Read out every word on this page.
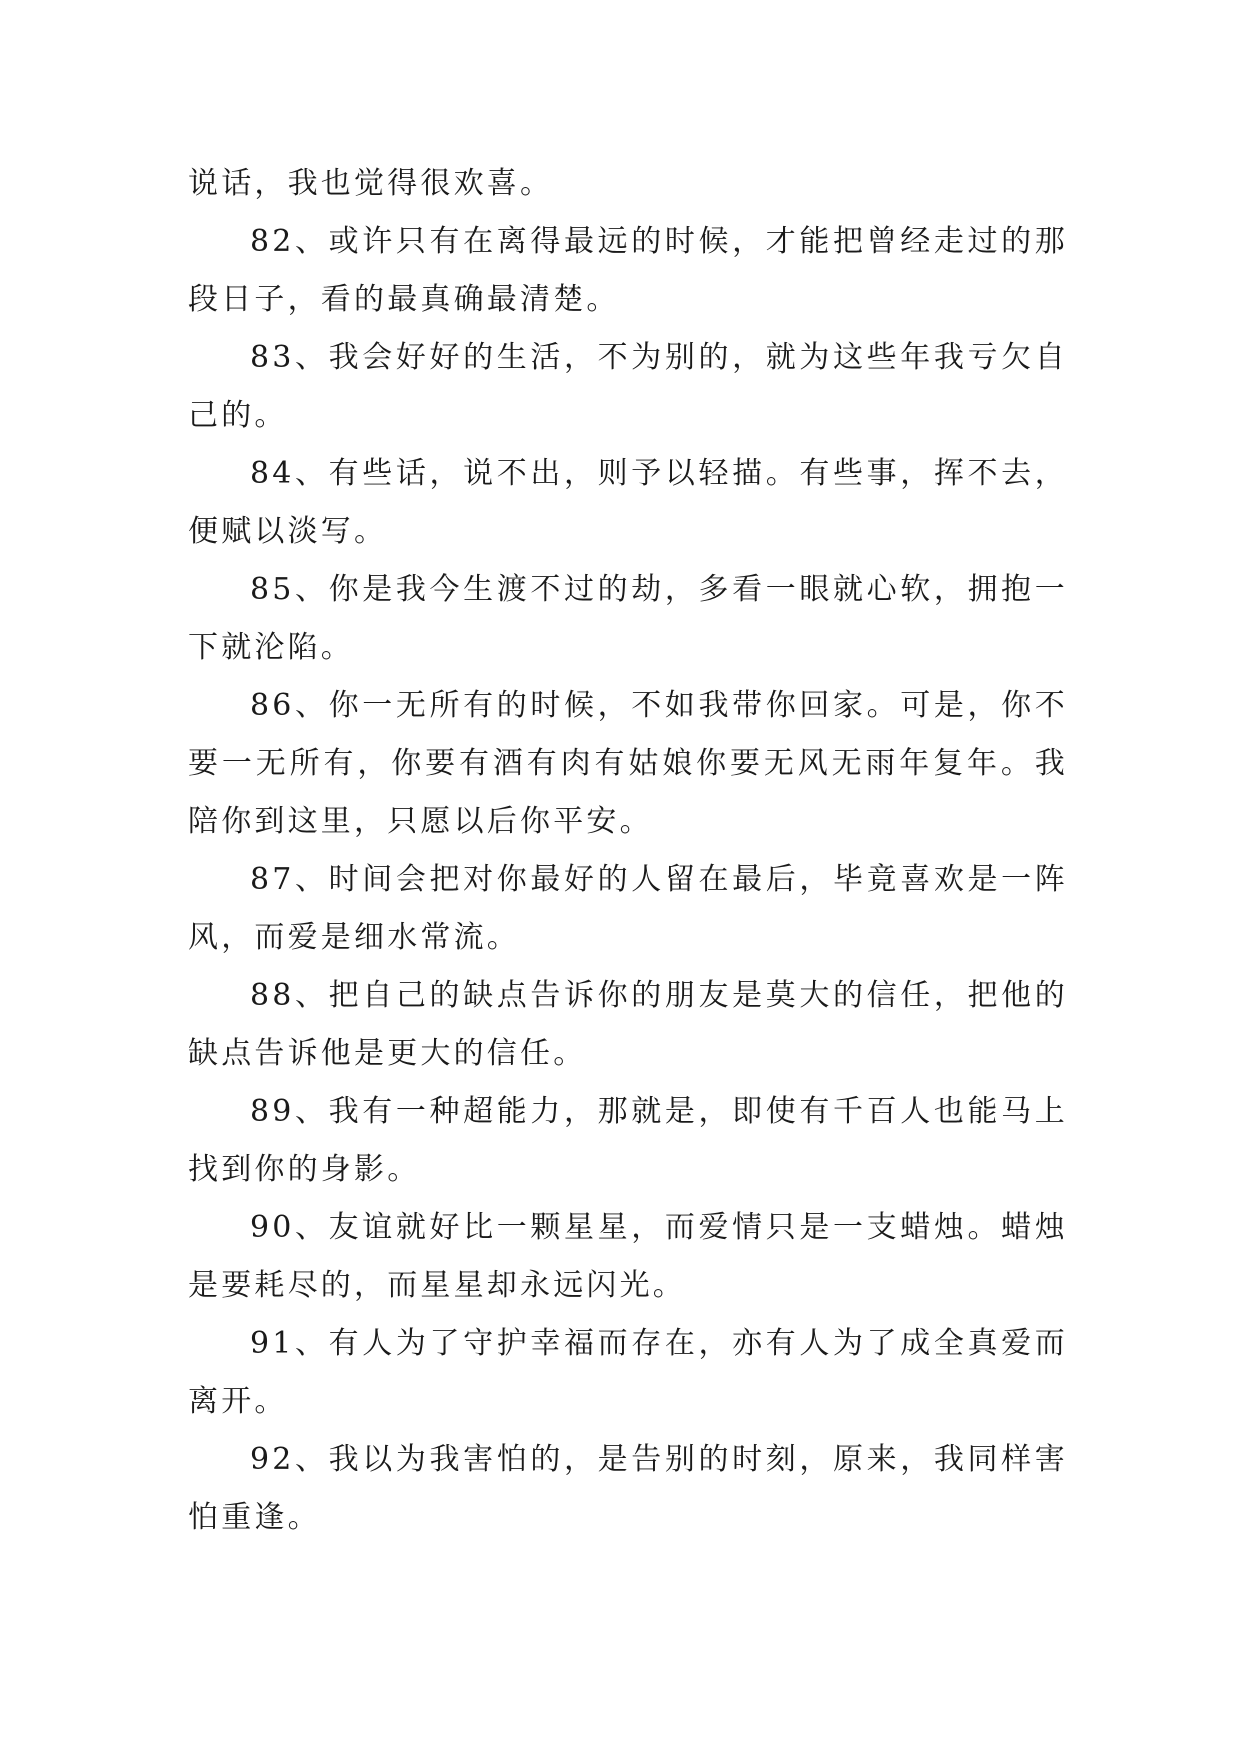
说话，我也觉得很欢喜。

82、或许只有在离得最远的时候，才能把曾经走过的那段日子，看的最真确最清楚。

83、我会好好的生活，不为别的，就为这些年我亏欠自己的。

84、有些话，说不出，则予以轻描。有些事，挥不去，便赋以淡写。

85、你是我今生渡不过的劫，多看一眼就心软，拥抱一下就沦陷。

86、你一无所有的时候，不如我带你回家。可是，你不要一无所有，你要有酒有肉有姑娘你要无风无雨年复年。我陪你到这里，只愿以后你平安。

87、时间会把对你最好的人留在最后，毕竟喜欢是一阵风，而爱是细水常流。

88、把自己的缺点告诉你的朋友是莫大的信任，把他的缺点告诉他是更大的信任。

89、我有一种超能力，那就是，即使有千百人也能马上找到你的身影。

90、友谊就好比一颗星星，而爱情只是一支蜡烛。蜡烛是要耗尽的，而星星却永远闪光。

91、有人为了守护幸福而存在，亦有人为了成全真爱而离开。

92、我以为我害怕的，是告别的时刻，原来，我同样害怕重逢。
